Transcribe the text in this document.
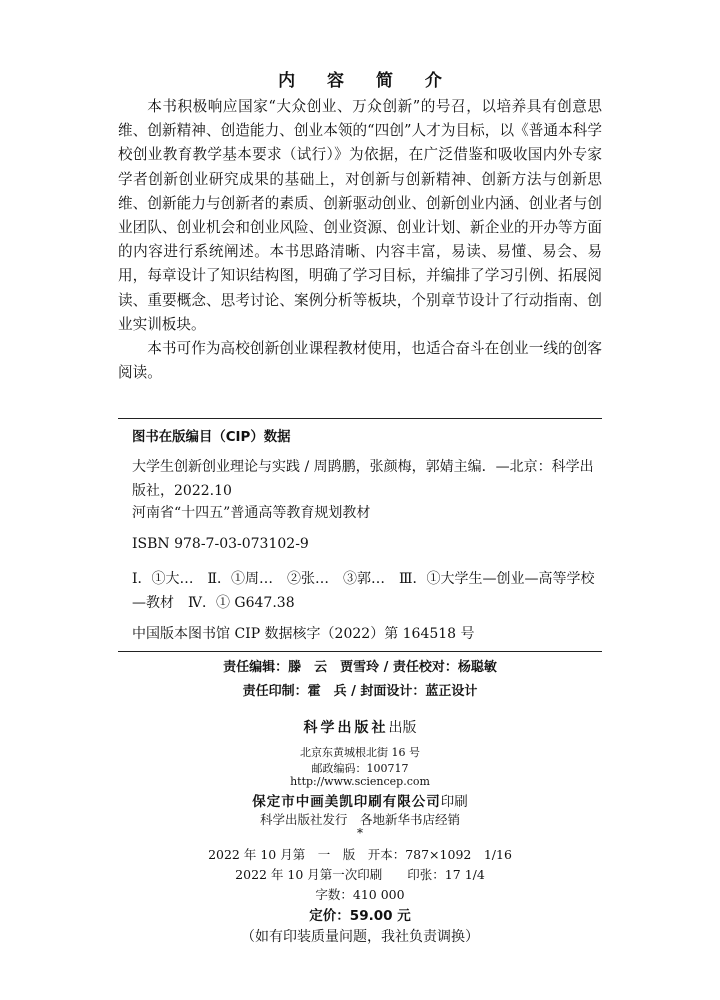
内 容 简 介

本书积极响应国家“大众创业、万众创新”的号召，以培养具有创意思维、创新精神、创造能力、创业本领的“四创”人才为目标，以《普通本科学校创业教育教学基本要求（试行）》为依据，在广泛借鉴和吸收国内外专家学者创新创业研究成果的基础上，对创新与创新精神、创新方法与创新思维、创新能力与创新者的素质、创新驱动创业、创新创业内涵、创业者与创业团队、创业机会和创业风险、创业资源、创业计划、新企业的开办等方面的内容进行系统阐述。本书思路清晰、内容丰富，易读、易懂、易会、易用，每章设计了知识结构图，明确了学习目标，并编排了学习引例、拓展阅读、重要概念、思考讨论、案例分析等板块，个别章节设计了行动指南、创业实训板块。

本书可作为高校创新创业课程教材使用，也适合奋斗在创业一线的创客阅读。

图书在版编目（CIP）数据

大学生创新创业理论与实践 / 周鹍鹏，张颜梅，郭婧主编．—北京：科学出版社，2022.10

河南省“十四五”普通高等教育规划教材

ISBN 978-7-03-073102-9

Ⅰ．①大…　Ⅱ．①周…　②张…　③郭…　Ⅲ．①大学生—创业—高等学校—教材　Ⅳ．① G647.38

中国版本图书馆 CIP 数据核字（2022）第 164518 号

责任编辑：滕　云　贾雪玲 / 责任校对：杨聪敏
责任印制：霍　兵 / 封面设计：蓝正设计
科学出版社出版
北京东黄城根北街 16 号
邮政编码：100717
http://www.sciencep.com
保定市中画美凯印刷有限公司印刷
科学出版社发行　各地新华书店经销
*
2022 年 10 月第　一　版　开本：787×1092　1/16
2022 年 10 月第一次印刷　　印张：17 1/4
字数：410 000
定价：59.00 元
（如有印装质量问题，我社负责调换）
